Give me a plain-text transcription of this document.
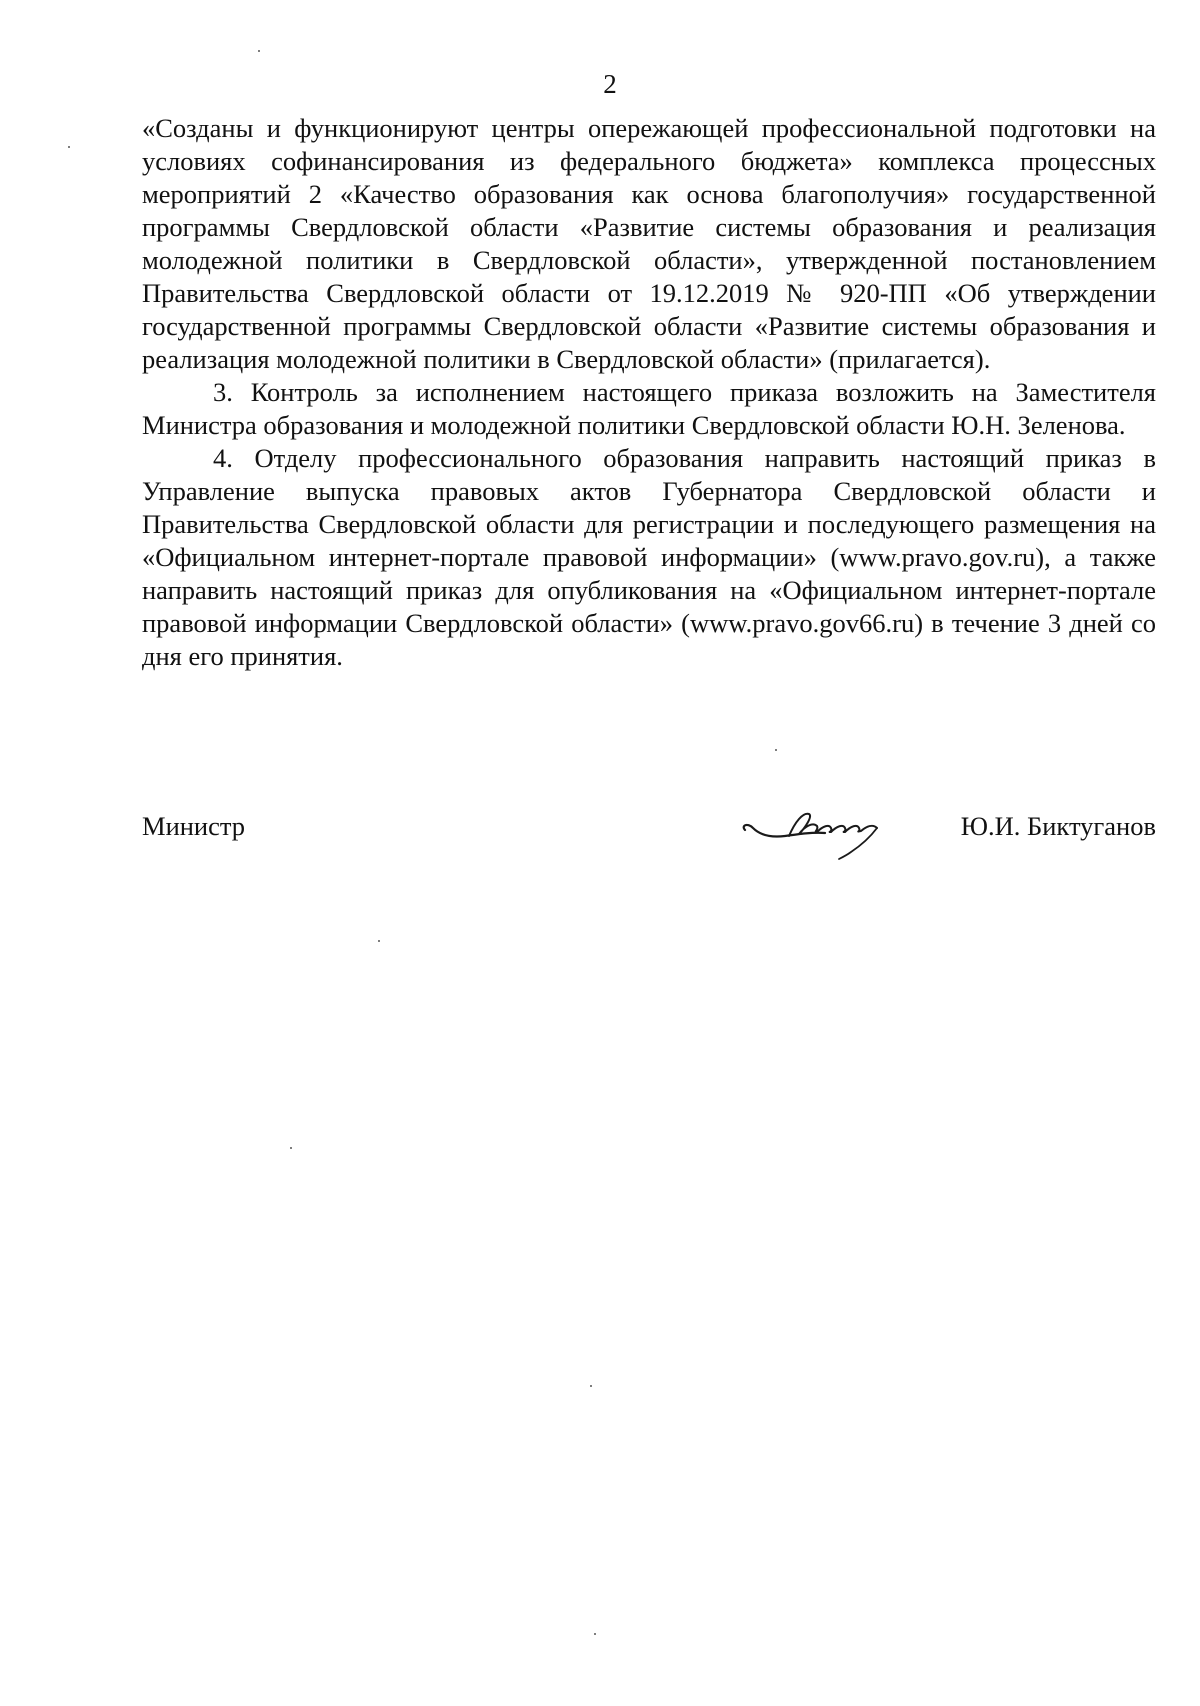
2

«Созданы и функционируют центры опережающей профессиональной подготовки на условиях софинансирования из федерального бюджета» комплекса процессных мероприятий 2 «Качество образования как основа благополучия» государственной программы Свердловской области «Развитие системы образования и реализация молодежной политики в Свердловской области», утвержденной постановлением Правительства Свердловской области от 19.12.2019 № 920-ПП «Об утверждении государственной программы Свердловской области «Развитие системы образования и реализация молодежной политики в Свердловской области» (прилагается).

3. Контроль за исполнением настоящего приказа возложить на Заместителя Министра образования и молодежной политики Свердловской области Ю.Н. Зеленова.

4. Отделу профессионального образования направить настоящий приказ в Управление выпуска правовых актов Губернатора Свердловской области и Правительства Свердловской области для регистрации и последующего размещения на «Официальном интернет-портале правовой информации» (www.pravo.gov.ru), а также направить настоящий приказ для опубликования на «Официальном интернет-портале правовой информации Свердловской области» (www.pravo.gov66.ru) в течение 3 дней со дня его принятия.

Министр	Ю.И. Биктуганов
